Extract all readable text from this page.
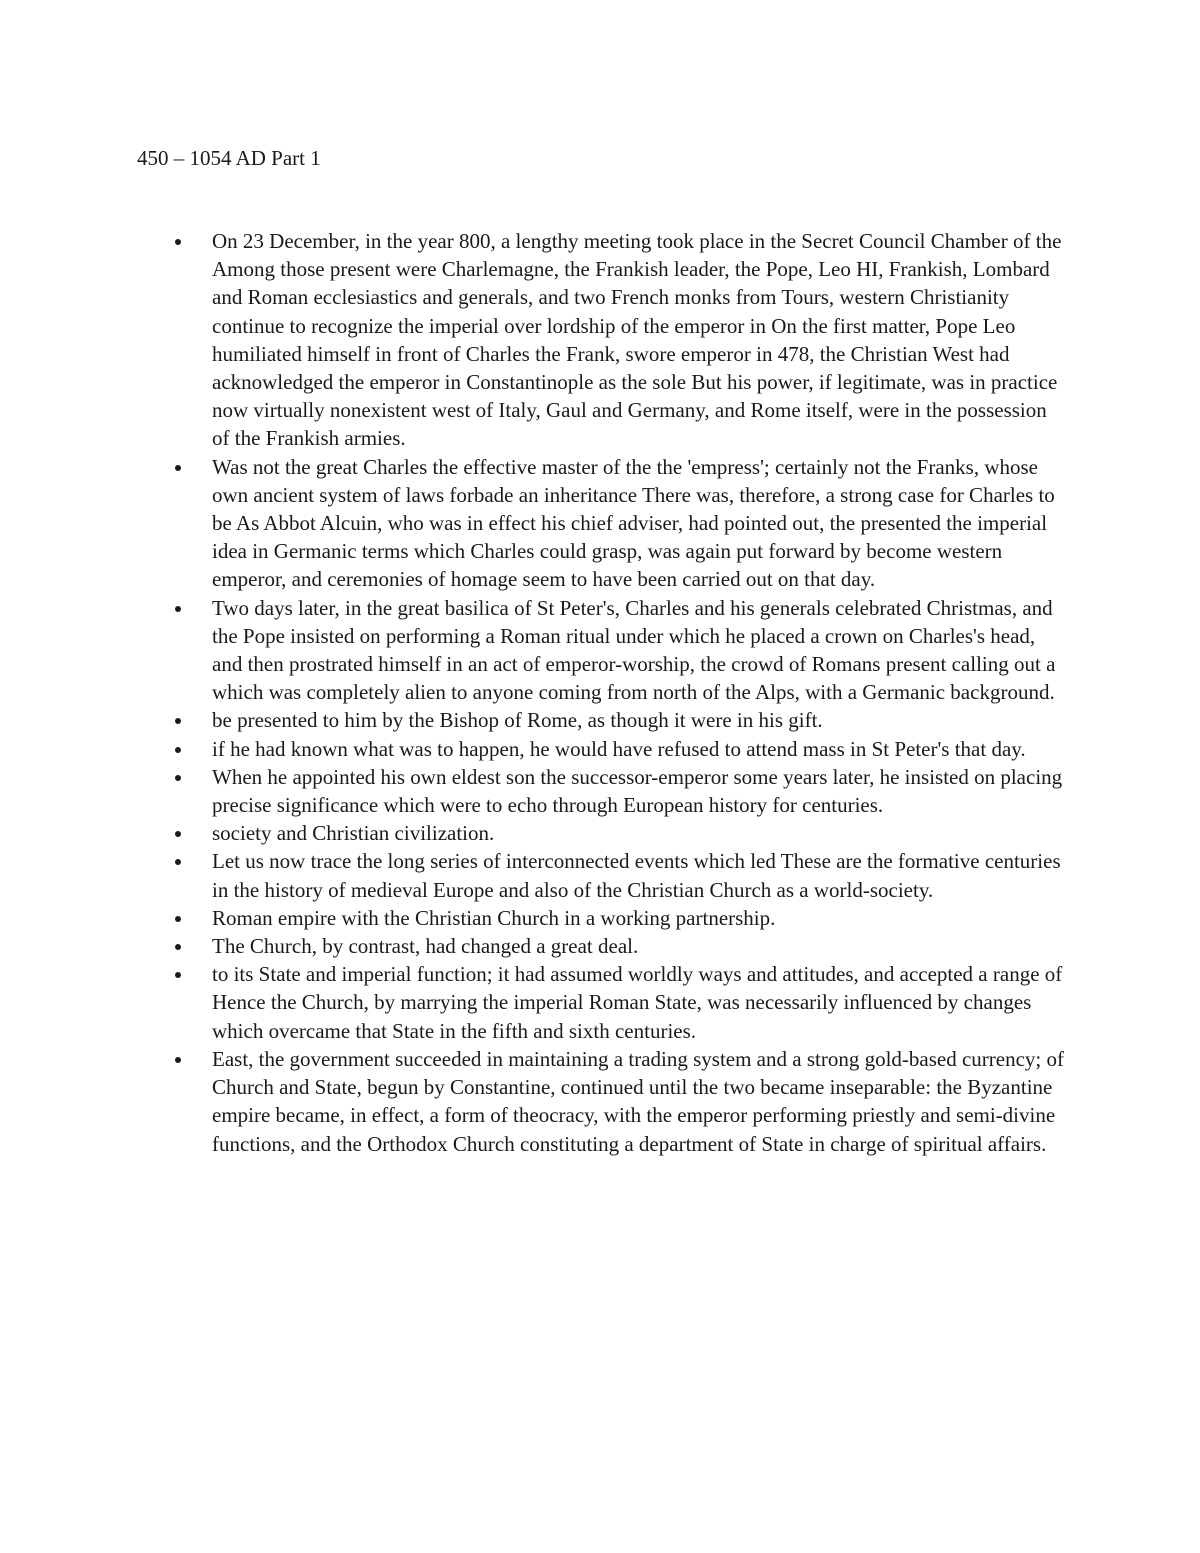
450 – 1054 AD Part 1
On 23 December, in the year 800, a lengthy meeting took place in the Secret Council Chamber of the Among those present were Charlemagne, the Frankish leader, the Pope, Leo HI, Frankish, Lombard and Roman ecclesiastics and generals, and two French monks from Tours, western Christianity continue to recognize the imperial over lordship of the emperor in On the first matter, Pope Leo humiliated himself in front of Charles the Frank, swore emperor in 478, the Christian West had acknowledged the emperor in Constantinople as the sole But his power, if legitimate, was in practice now virtually nonexistent west of Italy, Gaul and Germany, and Rome itself, were in the possession of the Frankish armies.
Was not the great Charles the effective master of the the 'empress'; certainly not the Franks, whose own ancient system of laws forbade an inheritance There was, therefore, a strong case for Charles to be As Abbot Alcuin, who was in effect his chief adviser, had pointed out, the presented the imperial idea in Germanic terms which Charles could grasp, was again put forward by become western emperor, and ceremonies of homage seem to have been carried out on that day.
Two days later, in the great basilica of St Peter's, Charles and his generals celebrated Christmas, and the Pope insisted on performing a Roman ritual under which he placed a crown on Charles's head, and then prostrated himself in an act of emperor-worship, the crowd of Romans present calling out a which was completely alien to anyone coming from north of the Alps, with a Germanic background.
be presented to him by the Bishop of Rome, as though it were in his gift.
if he had known what was to happen, he would have refused to attend mass in St Peter's that day.
When he appointed his own eldest son the successor-emperor some years later, he insisted on placing precise significance which were to echo through European history for centuries.
society and Christian civilization.
Let us now trace the long series of interconnected events which led These are the formative centuries in the history of medieval Europe and also of the Christian Church as a world-society.
Roman empire with the Christian Church in a working partnership.
The Church, by contrast, had changed a great deal.
to its State and imperial function; it had assumed worldly ways and attitudes, and accepted a range of Hence the Church, by marrying the imperial Roman State, was necessarily influenced by changes which overcame that State in the fifth and sixth centuries.
East, the government succeeded in maintaining a trading system and a strong gold-based currency; of Church and State, begun by Constantine, continued until the two became inseparable: the Byzantine empire became, in effect, a form of theocracy, with the emperor performing priestly and semi-divine functions, and the Orthodox Church constituting a department of State in charge of spiritual affairs.
